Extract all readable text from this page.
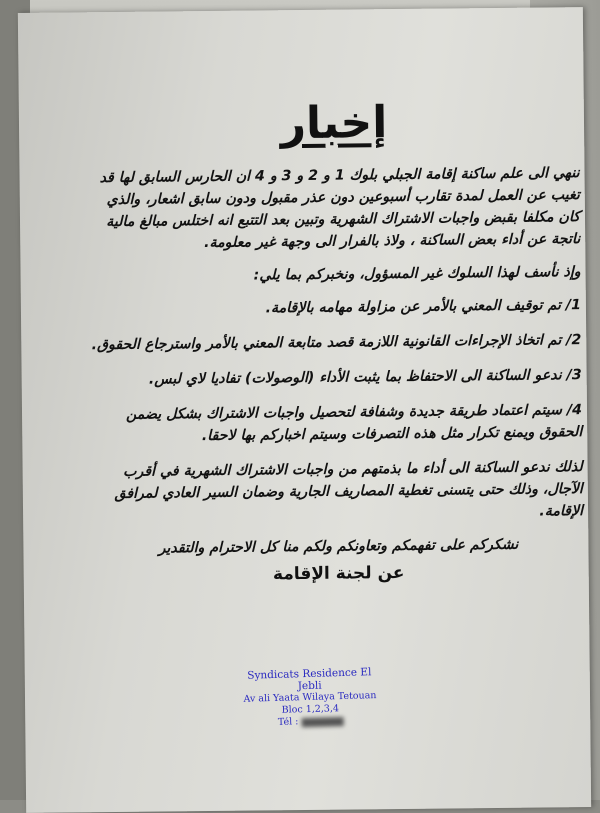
إخبار

ننهي الى علم ساكنة إقامة الجبلي بلوك 1 و 2 و 3 و 4 ان الحارس السابق لها قد تغيب عن العمل لمدة تقارب أسبوعين دون عذر مقبول ودون سابق اشعار، والذي كان مكلفا بقبض واجبات الاشتراك الشهرية وتبين بعد التتبع انه اختلس مبالغ مالية ناتجة عن أداء بعض الساكنة ، ولاذ بالفرار الى وجهة غير معلومة.

وإذ نأسف لهذا السلوك غير المسؤول، ونخبركم بما يلي:

1/ تم توقيف المعني بالأمر عن مزاولة مهامه بالإقامة.

2/ تم اتخاذ الإجراءات القانونية اللازمة قصد متابعة المعني بالأمر واسترجاع الحقوق.

3/ ندعو الساكنة الى الاحتفاظ بما يثبت الأداء (الوصولات) تفاديا لاي لبس.

4/ سيتم اعتماد طريقة جديدة وشفافة لتحصيل واجبات الاشتراك بشكل يضمن الحقوق ويمنع تكرار مثل هذه التصرفات وسيتم اخباركم بها لاحقا.

لذلك ندعو الساكنة الى أداء ما بذمتهم من واجبات الاشتراك الشهرية في أقرب الآجال، وذلك حتى يتسنى تغطية المصاريف الجارية وضمان السير العادي لمرافق الإقامة.

نشكركم على تفهمكم وتعاونكم ولكم منا كل الاحترام والتقدير

عن لجنة الإقامة
Syndicats Residence El Jebli
Av ali Yaata Wilaya Tetouan
Bloc 1,2,3,4
Tél :
